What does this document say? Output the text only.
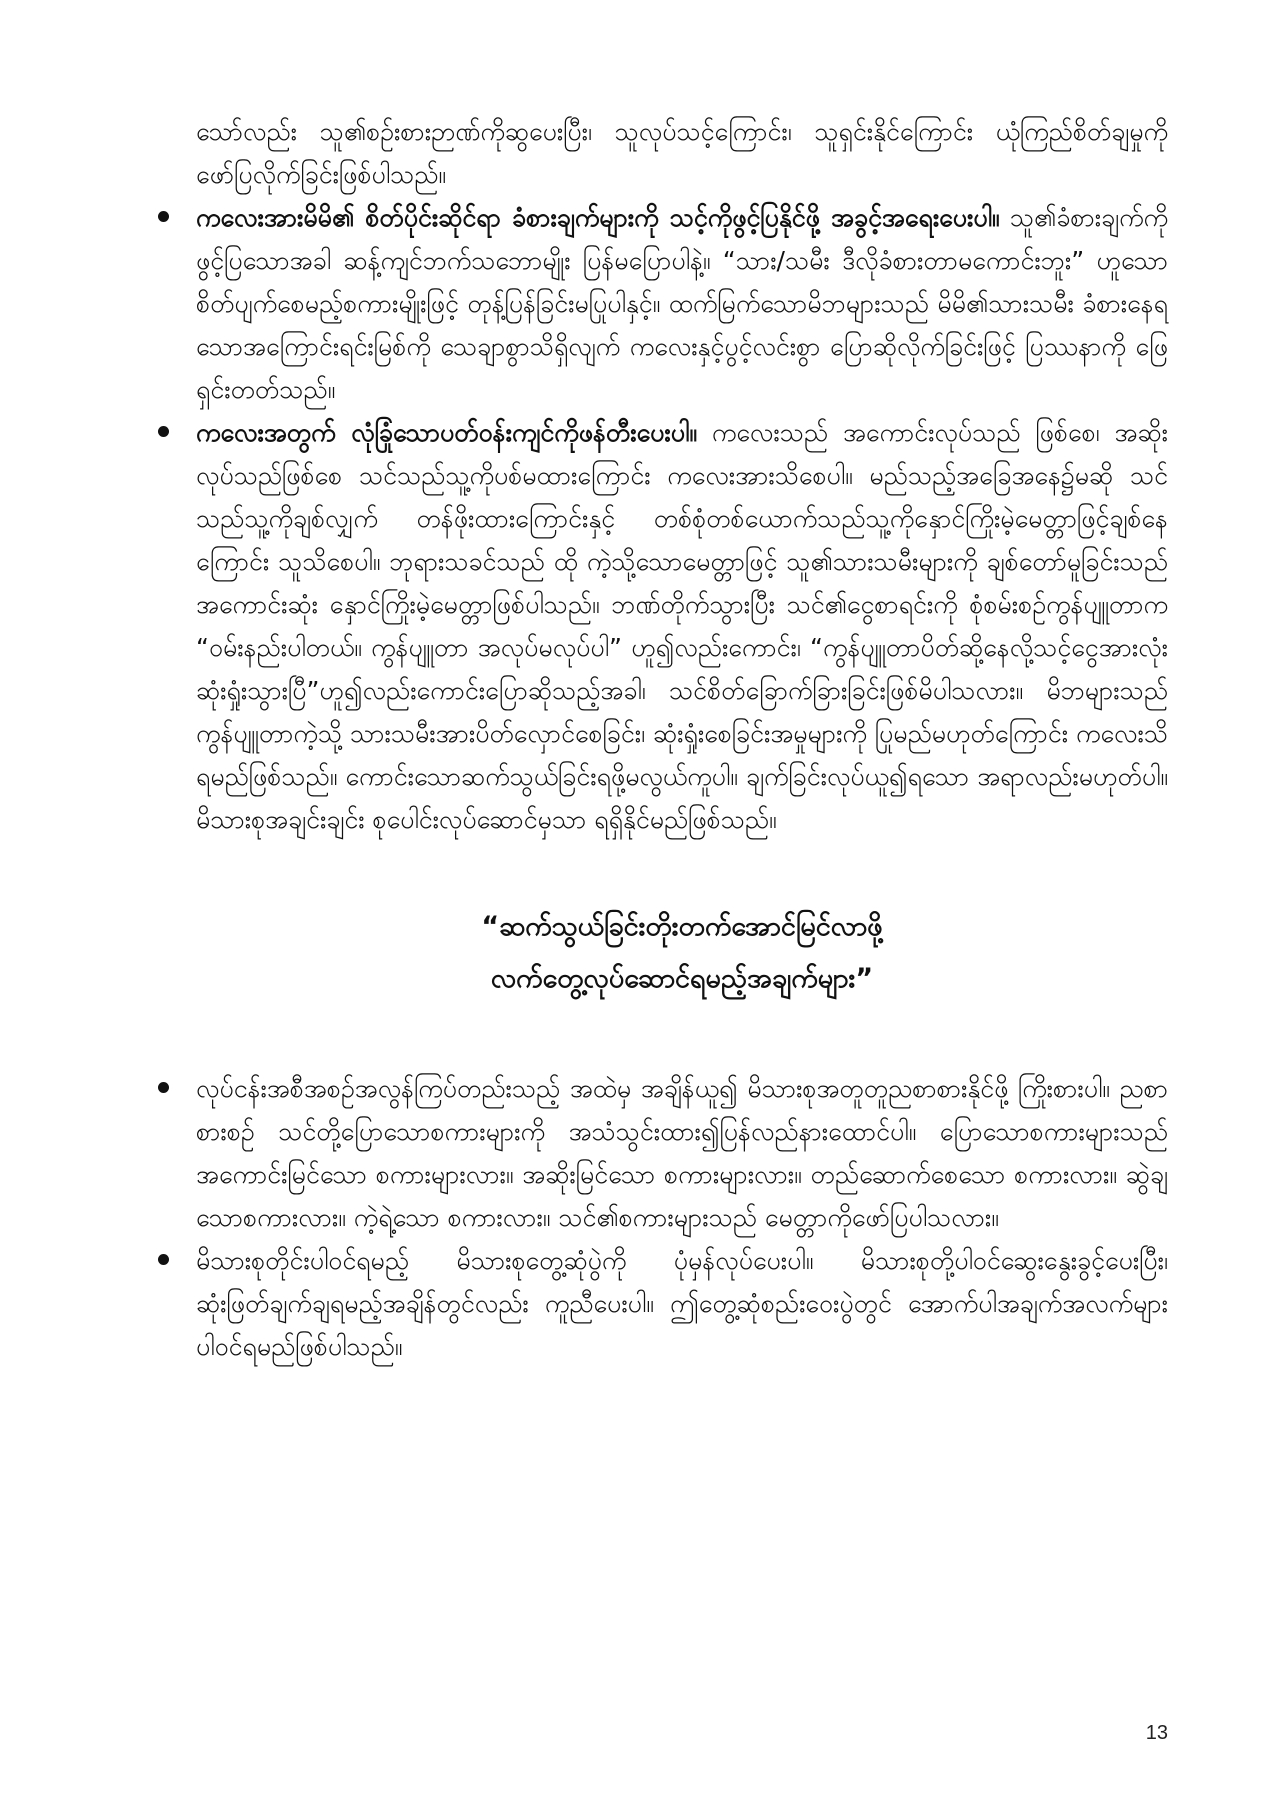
သော်လည်း သူ၏စဉ်းစားဉာဏ်ကိုဆွပေးပြီး၊ သူလုပ်သင့်ကြောင်း၊ သူရှင်းနိုင်ကြောင်း ယုံကြည်စိတ်ချမှုကို ဖော်ပြလိုက်ခြင်းဖြစ်ပါသည်။

ကလေးအားမိမိ၏ စိတ်ပိုင်းဆိုင်ရာ ခံစားချက်များကို သင့်ကိုဖွင့်ပြနိုင်ဖို့ အခွင့်အရေးပေးပါ။ သူ၏ခံစားချက်ကို ဖွင့်ပြသောအခါ ဆန့်ကျင်ဘက်သဘောမျိုး ပြန်မပြောပါနဲ့။ “သား/သမီး ဒီလိုခံစားတာမကောင်းဘူး” ဟူသော စိတ်ပျက်စေမည့်စကားမျိုးဖြင့် တုန့်ပြန်ခြင်းမပြုပါနှင့်။ ထက်မြက်သောမိဘများသည် မိမိ၏သားသမီး ခံစားနေရသောအကြောင်းရင်းမြစ်ကို သေချာစွာသိရှိလျက် ကလေးနှင့်ပွင့်လင်းစွာ ပြောဆိုလိုက်ခြင်းဖြင့် ပြဿနာကို ဖြေရှင်းတတ်သည်။
ကလေးအတွက် လုံခြုံသောပတ်ဝန်းကျင်ကိုဖန်တီးပေးပါ။ ကလေးသည် အကောင်းလုပ်သည် ဖြစ်စေ၊ အဆိုးလုပ်သည်ဖြစ်စေ သင်သည်သူ့ကိုပစ်မထားကြောင်း ကလေးအားသိစေပါ။ မည်သည့်အခြေအနေ၌မဆို သင်သည်သူ့ကိုချစ်လျှက် တန်ဖိုးထားကြောင်းနှင့် တစ်စုံတစ်ယောက်သည်သူ့ကိုနှောင်ကြိုးမဲ့မေတ္တာဖြင့်ချစ်နေကြောင်း သူသိစေပါ။ ဘုရားသခင်သည် ထို ကဲ့သို့သောမေတ္တာဖြင့် သူ၏သားသမီးများကို ချစ်တော်မူခြင်းသည် အကောင်းဆုံး နှောင်ကြိုးမဲ့မေတ္တာဖြစ်ပါသည်။ ဘဏ်တိုက်သွားပြီး သင်၏ငွေစာရင်းကို စုံစမ်းစဉ်ကွန်ပျူတာက “ဝမ်းနည်းပါတယ်။ ကွန်ပျူတာ အလုပ်မလုပ်ပါ” ဟူ၍လည်းကောင်း၊ “ကွန်ပျူတာပိတ်ဆို့နေလို့သင့်ငွေအားလုံးဆုံးရှုံးသွားပြီ”ဟူ၍လည်းကောင်းပြောဆိုသည့်အခါ၊ သင်စိတ်ခြောက်ခြားခြင်းဖြစ်မိပါသလား။ မိဘများသည်ကွန်ပျူတာကဲ့သို့ သားသမီးအားပိတ်လှောင်စေခြင်း၊ ဆုံးရှုံးစေခြင်းအမှုများကို ပြုမည်မဟုတ်ကြောင်း ကလေးသိရမည်ဖြစ်သည်။ ကောင်းသောဆက်သွယ်ခြင်းရဖို့မလွယ်ကူပါ။ ချက်ခြင်းလုပ်ယူ၍ရသော အရာလည်းမဟုတ်ပါ။ မိသားစုအချင်းချင်း စုပေါင်းလုပ်ဆောင်မှသာ ရရှိနိုင်မည်ဖြစ်သည်။
“ဆက်သွယ်ခြင်းတိုးတက်အောင်မြင်လာဖို့
လက်တွေ့လုပ်ဆောင်ရမည့်အချက်များ”
လုပ်ငန်းအစီအစဉ်အလွန်ကြပ်တည်းသည့် အထဲမှ အချိန်ယူ၍ မိသားစုအတူတူညစာစားနိုင်ဖို့ ကြိုးစားပါ။ ညစာစားစဉ် သင်တို့ပြောသောစကားများကို အသံသွင်းထား၍ပြန်လည်နားထောင်ပါ။ ပြောသောစကားများသည် အကောင်းမြင်သော စကားများလား။ အဆိုးမြင်သော စကားများလား။ တည်ဆောက်စေသော စကားလား။ ဆွဲချသောစကားလား။ ကဲ့ရဲ့သော စကားလား။ သင်၏စကားများသည် မေတ္တာကိုဖော်ပြပါသလား။
မိသားစုတိုင်းပါဝင်ရမည့် မိသားစုတွေ့ဆုံပွဲကို ပုံမှန်လုပ်ပေးပါ။ မိသားစုတို့ပါဝင်ဆွေးနွေးခွင့်ပေးပြီး၊ ဆုံးဖြတ်ချက်ချရမည့်အချိန်တွင်လည်း ကူညီပေးပါ။ ဤတွေ့ဆုံစည်းဝေးပွဲတွင် အောက်ပါအချက်အလက်များ ပါဝင်ရမည်ဖြစ်ပါသည်။
13
